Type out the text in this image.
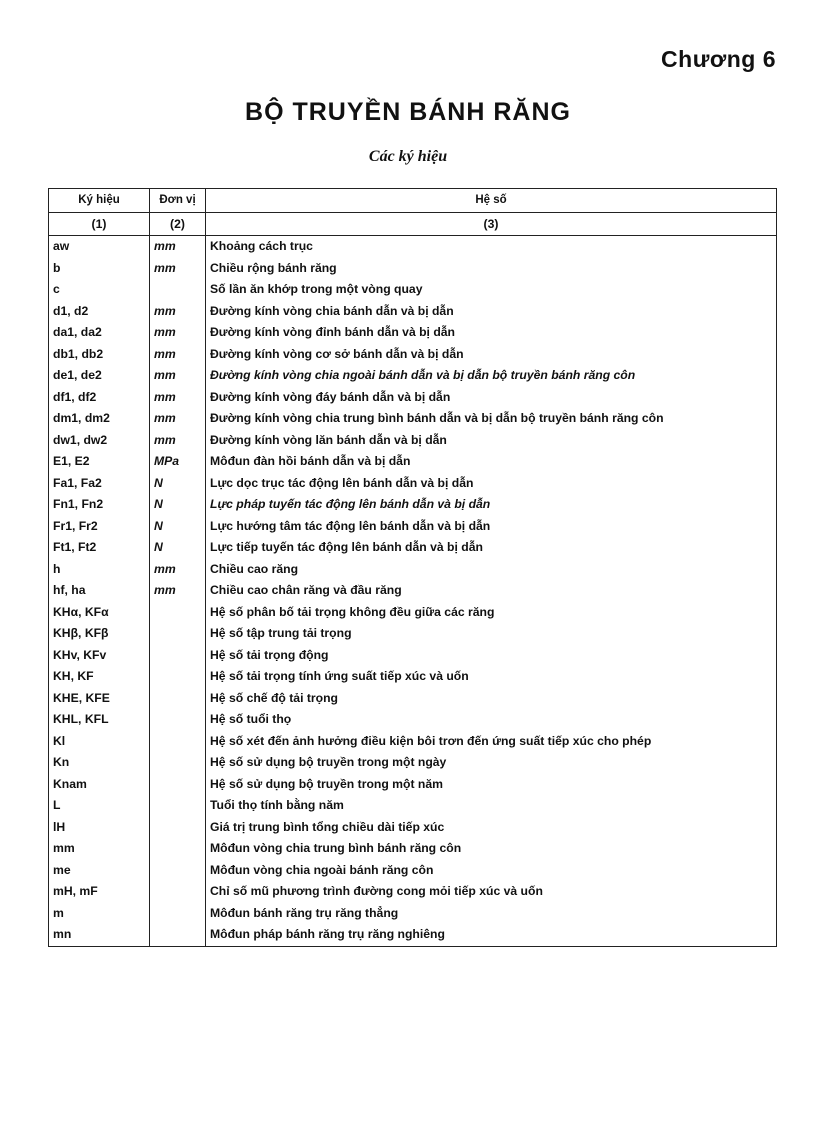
Chương 6
BỘ TRUYỀN BÁNH RĂNG
Các ký hiệu
Ký hiệu	Đơn vị	Hệ số
(1)	(2)	(3)
aw	mm	Khoảng cách trục
b	mm	Chiều rộng bánh răng
c		Số lần ăn khớp trong một vòng quay
d1, d2	mm	Đường kính vòng chia bánh dẫn và bị dẫn
da1, da2	mm	Đường kính vòng đỉnh bánh dẫn và bị dẫn
db1, db2	mm	Đường kính vòng cơ sở bánh dẫn và bị dẫn
de1, de2	mm	Đường kính vòng chia ngoài bánh dẫn và bị dẫn bộ truyền bánh răng côn
df1, df2	mm	Đường kính vòng đáy bánh dẫn và bị dẫn
dm1, dm2	mm	Đường kính vòng chia trung bình bánh dẫn và bị dẫn bộ truyền bánh răng côn
dw1, dw2	mm	Đường kính vòng lăn bánh dẫn và bị dẫn
E1, E2	MPa	Môđun đàn hồi bánh dẫn và bị dẫn
Fa1, Fa2	N	Lực dọc trục tác động lên bánh dẫn và bị dẫn
Fn1, Fn2	N	Lực pháp tuyến tác động lên bánh dẫn và bị dẫn
Fr1, Fr2	N	Lực hướng tâm tác động lên bánh dẫn và bị dẫn
Ft1, Ft2	N	Lực tiếp tuyến tác động lên bánh dẫn và bị dẫn
h	mm	Chiều cao răng
hf, ha	mm	Chiều cao chân răng và đầu răng
KHα, KFα		Hệ số phân bố tải trọng không đều giữa các răng
KHβ, KFβ		Hệ số tập trung tải trọng
KHv, KFv		Hệ số tải trọng động
KH, KF		Hệ số tải trọng tính ứng suất tiếp xúc và uốn
KHE, KFE		Hệ số chế độ tải trọng
KHL, KFL		Hệ số tuổi thọ
Kl		Hệ số xét đến ảnh hưởng điều kiện bôi trơn đến ứng suất tiếp xúc cho phép
Kn		Hệ số sử dụng bộ truyền trong một ngày
Knam		Hệ số sử dụng bộ truyền trong một năm
L		Tuổi thọ tính bằng năm
lH		Giá trị trung bình tổng chiều dài tiếp xúc
mm		Môđun vòng chia trung bình bánh răng côn
me		Môđun vòng chia ngoài bánh răng côn
mH, mF		Chỉ số mũ phương trình đường cong mỏi tiếp xúc và uốn
m		Môđun bánh răng trụ răng thẳng
mn		Môđun pháp bánh răng trụ răng nghiêng
